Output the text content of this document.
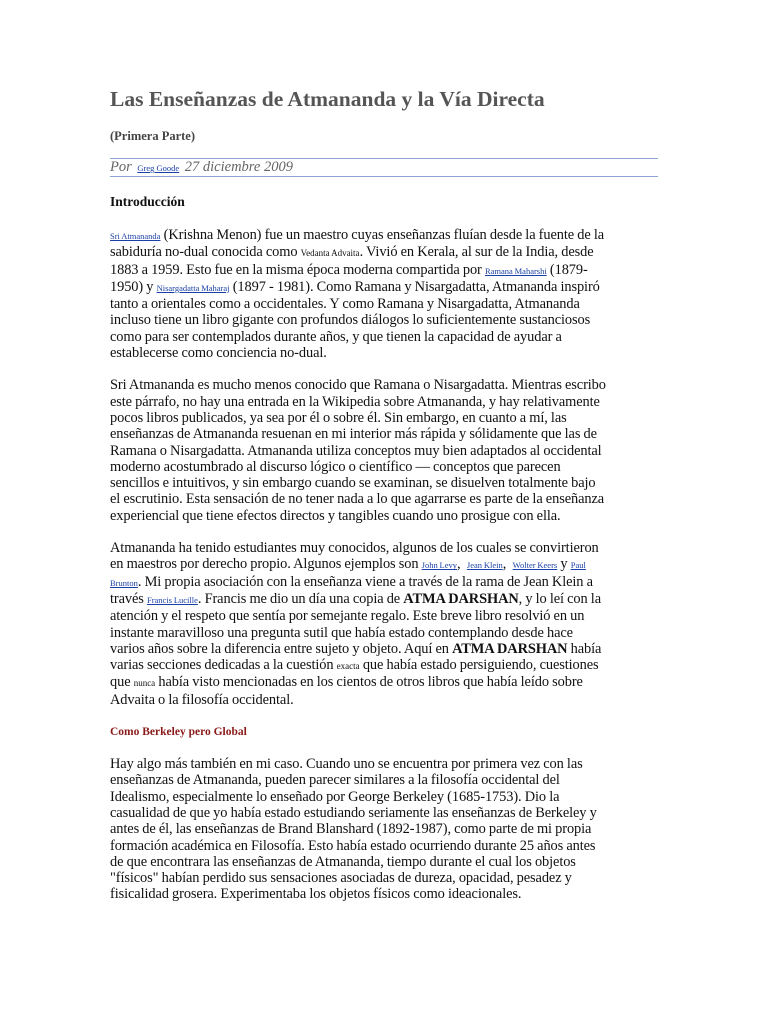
Las Enseñanzas de Atmananda y la Vía Directa
(Primera Parte)
Por Greg Goode 27 diciembre 2009
Introducción

Sri Atmananda (Krishna Menon) fue un maestro cuyas enseñanzas fluían desde la fuente de la
sabiduría no-dual conocida como Vedanta Advaita. Vivió en Kerala, al sur de la India, desde
1883 a 1959. Esto fue en la misma época moderna compartida por Ramana Maharshi (1879-
1950) y Nisargadatta Maharaj (1897 - 1981). Como Ramana y Nisargadatta, Atmananda inspiró
tanto a orientales como a occidentales. Y como Ramana y Nisargadatta, Atmananda
incluso tiene un libro gigante con profundos diálogos lo suficientemente sustanciosos
como para ser contemplados durante años, y que tienen la capacidad de ayudar a
establecerse como conciencia no-dual.

Sri Atmananda es mucho menos conocido que Ramana o Nisargadatta. Mientras escribo
este párrafo, no hay una entrada en la Wikipedia sobre Atmananda, y hay relativamente
pocos libros publicados, ya sea por él o sobre él. Sin embargo, en cuanto a mí, las
enseñanzas de Atmananda resuenan en mi interior más rápida y sólidamente que las de
Ramana o Nisargadatta. Atmananda utiliza conceptos muy bien adaptados al occidental
moderno acostumbrado al discurso lógico o científico — conceptos que parecen
sencillos e intuitivos, y sin embargo cuando se examinan, se disuelven totalmente bajo
el escrutinio. Esta sensación de no tener nada a lo que agarrarse es parte de la enseñanza
experiencial que tiene efectos directos y tangibles cuando uno prosigue con ella.

Atmananda ha tenido estudiantes muy conocidos, algunos de los cuales se convirtieron
en maestros por derecho propio. Algunos ejemplos son John Levy,  Jean Klein,  Wolter Keers y Paul
Brunton. Mi propia asociación con la enseñanza viene a través de la rama de Jean Klein a
través Francis Lucille. Francis me dio un día una copia de ATMA DARSHAN, y lo leí con la
atención y el respeto que sentía por semejante regalo. Este breve libro resolvió en un
instante maravilloso una pregunta sutil que había estado contemplando desde hace
varios años sobre la diferencia entre sujeto y objeto. Aquí en ATMA DARSHAN había
varias secciones dedicadas a la cuestión exacta que había estado persiguiendo, cuestiones
que nunca había visto mencionadas en los cientos de otros libros que había leído sobre
Advaita o la filosofía occidental.

Como Berkeley pero Global

Hay algo más también en mi caso. Cuando uno se encuentra por primera vez con las
enseñanzas de Atmananda, pueden parecer similares a la filosofía occidental del
Idealismo, especialmente lo enseñado por George Berkeley (1685-1753). Dio la
casualidad de que yo había estado estudiando seriamente las enseñanzas de Berkeley y
antes de él, las enseñanzas de Brand Blanshard (1892-1987), como parte de mi propia
formación académica en Filosofía. Esto había estado ocurriendo durante 25 años antes
de que encontrara las enseñanzas de Atmananda, tiempo durante el cual los objetos
"físicos" habían perdido sus sensaciones asociadas de dureza, opacidad, pesadez y
fisicalidad grosera. Experimentaba los objetos físicos como ideacionales.
